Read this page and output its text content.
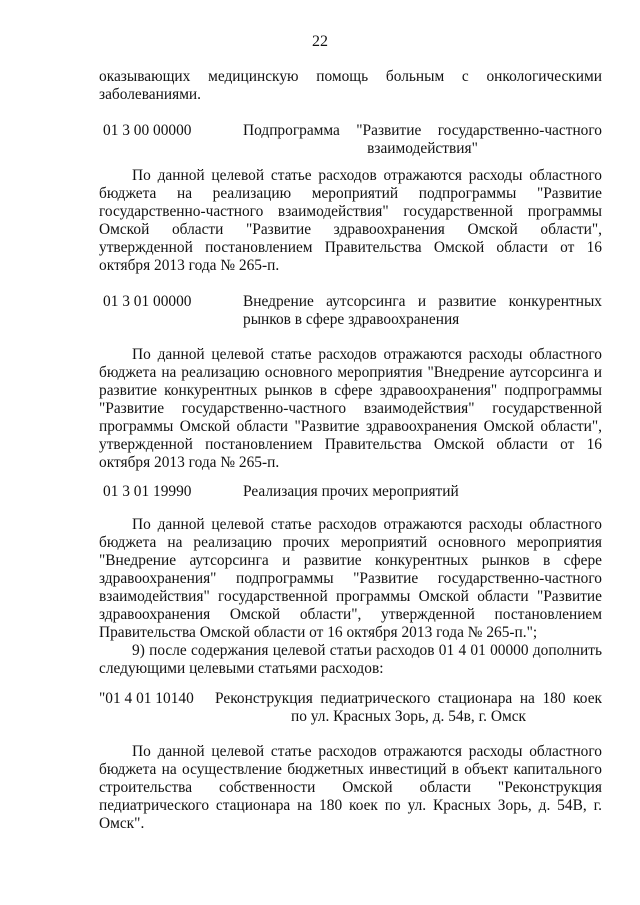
22
оказывающих медицинскую помощь больным с онкологическими заболеваниями.
01 3 00 00000	Подпрограмма "Развитие государственно-частного взаимодействия"
По данной целевой статье расходов отражаются расходы областного бюджета на реализацию мероприятий подпрограммы "Развитие государственно-частного взаимодействия" государственной программы Омской области "Развитие здравоохранения Омской области", утвержденной постановлением Правительства Омской области от 16 октября 2013 года № 265-п.
01 3 01 00000	Внедрение аутсорсинга и развитие конкурентных рынков в сфере здравоохранения
По данной целевой статье расходов отражаются расходы областного бюджета на реализацию основного мероприятия "Внедрение аутсорсинга и развитие конкурентных рынков в сфере здравоохранения" подпрограммы "Развитие государственно-частного взаимодействия" государственной программы Омской области "Развитие здравоохранения Омской области", утвержденной постановлением Правительства Омской области от 16 октября 2013 года № 265-п.
01 3 01 19990	Реализация прочих мероприятий
По данной целевой статье расходов отражаются расходы областного бюджета на реализацию прочих мероприятий основного мероприятия "Внедрение аутсорсинга и развитие конкурентных рынков в сфере здравоохранения" подпрограммы "Развитие государственно-частного взаимодействия" государственной программы Омской области "Развитие здравоохранения Омской области", утвержденной постановлением Правительства Омской области от 16 октября 2013 года № 265-п.";
9) после содержания целевой статьи расходов 01 4 01 00000 дополнить следующими целевыми статьями расходов:
"01 4 01 10140 Реконструкция педиатрического стационара на 180 коек по ул. Красных Зорь, д. 54в, г. Омск
По данной целевой статье расходов отражаются расходы областного бюджета на осуществление бюджетных инвестиций в объект капитального строительства собственности Омской области "Реконструкция педиатрического стационара на 180 коек по ул. Красных Зорь, д. 54В, г. Омск".
